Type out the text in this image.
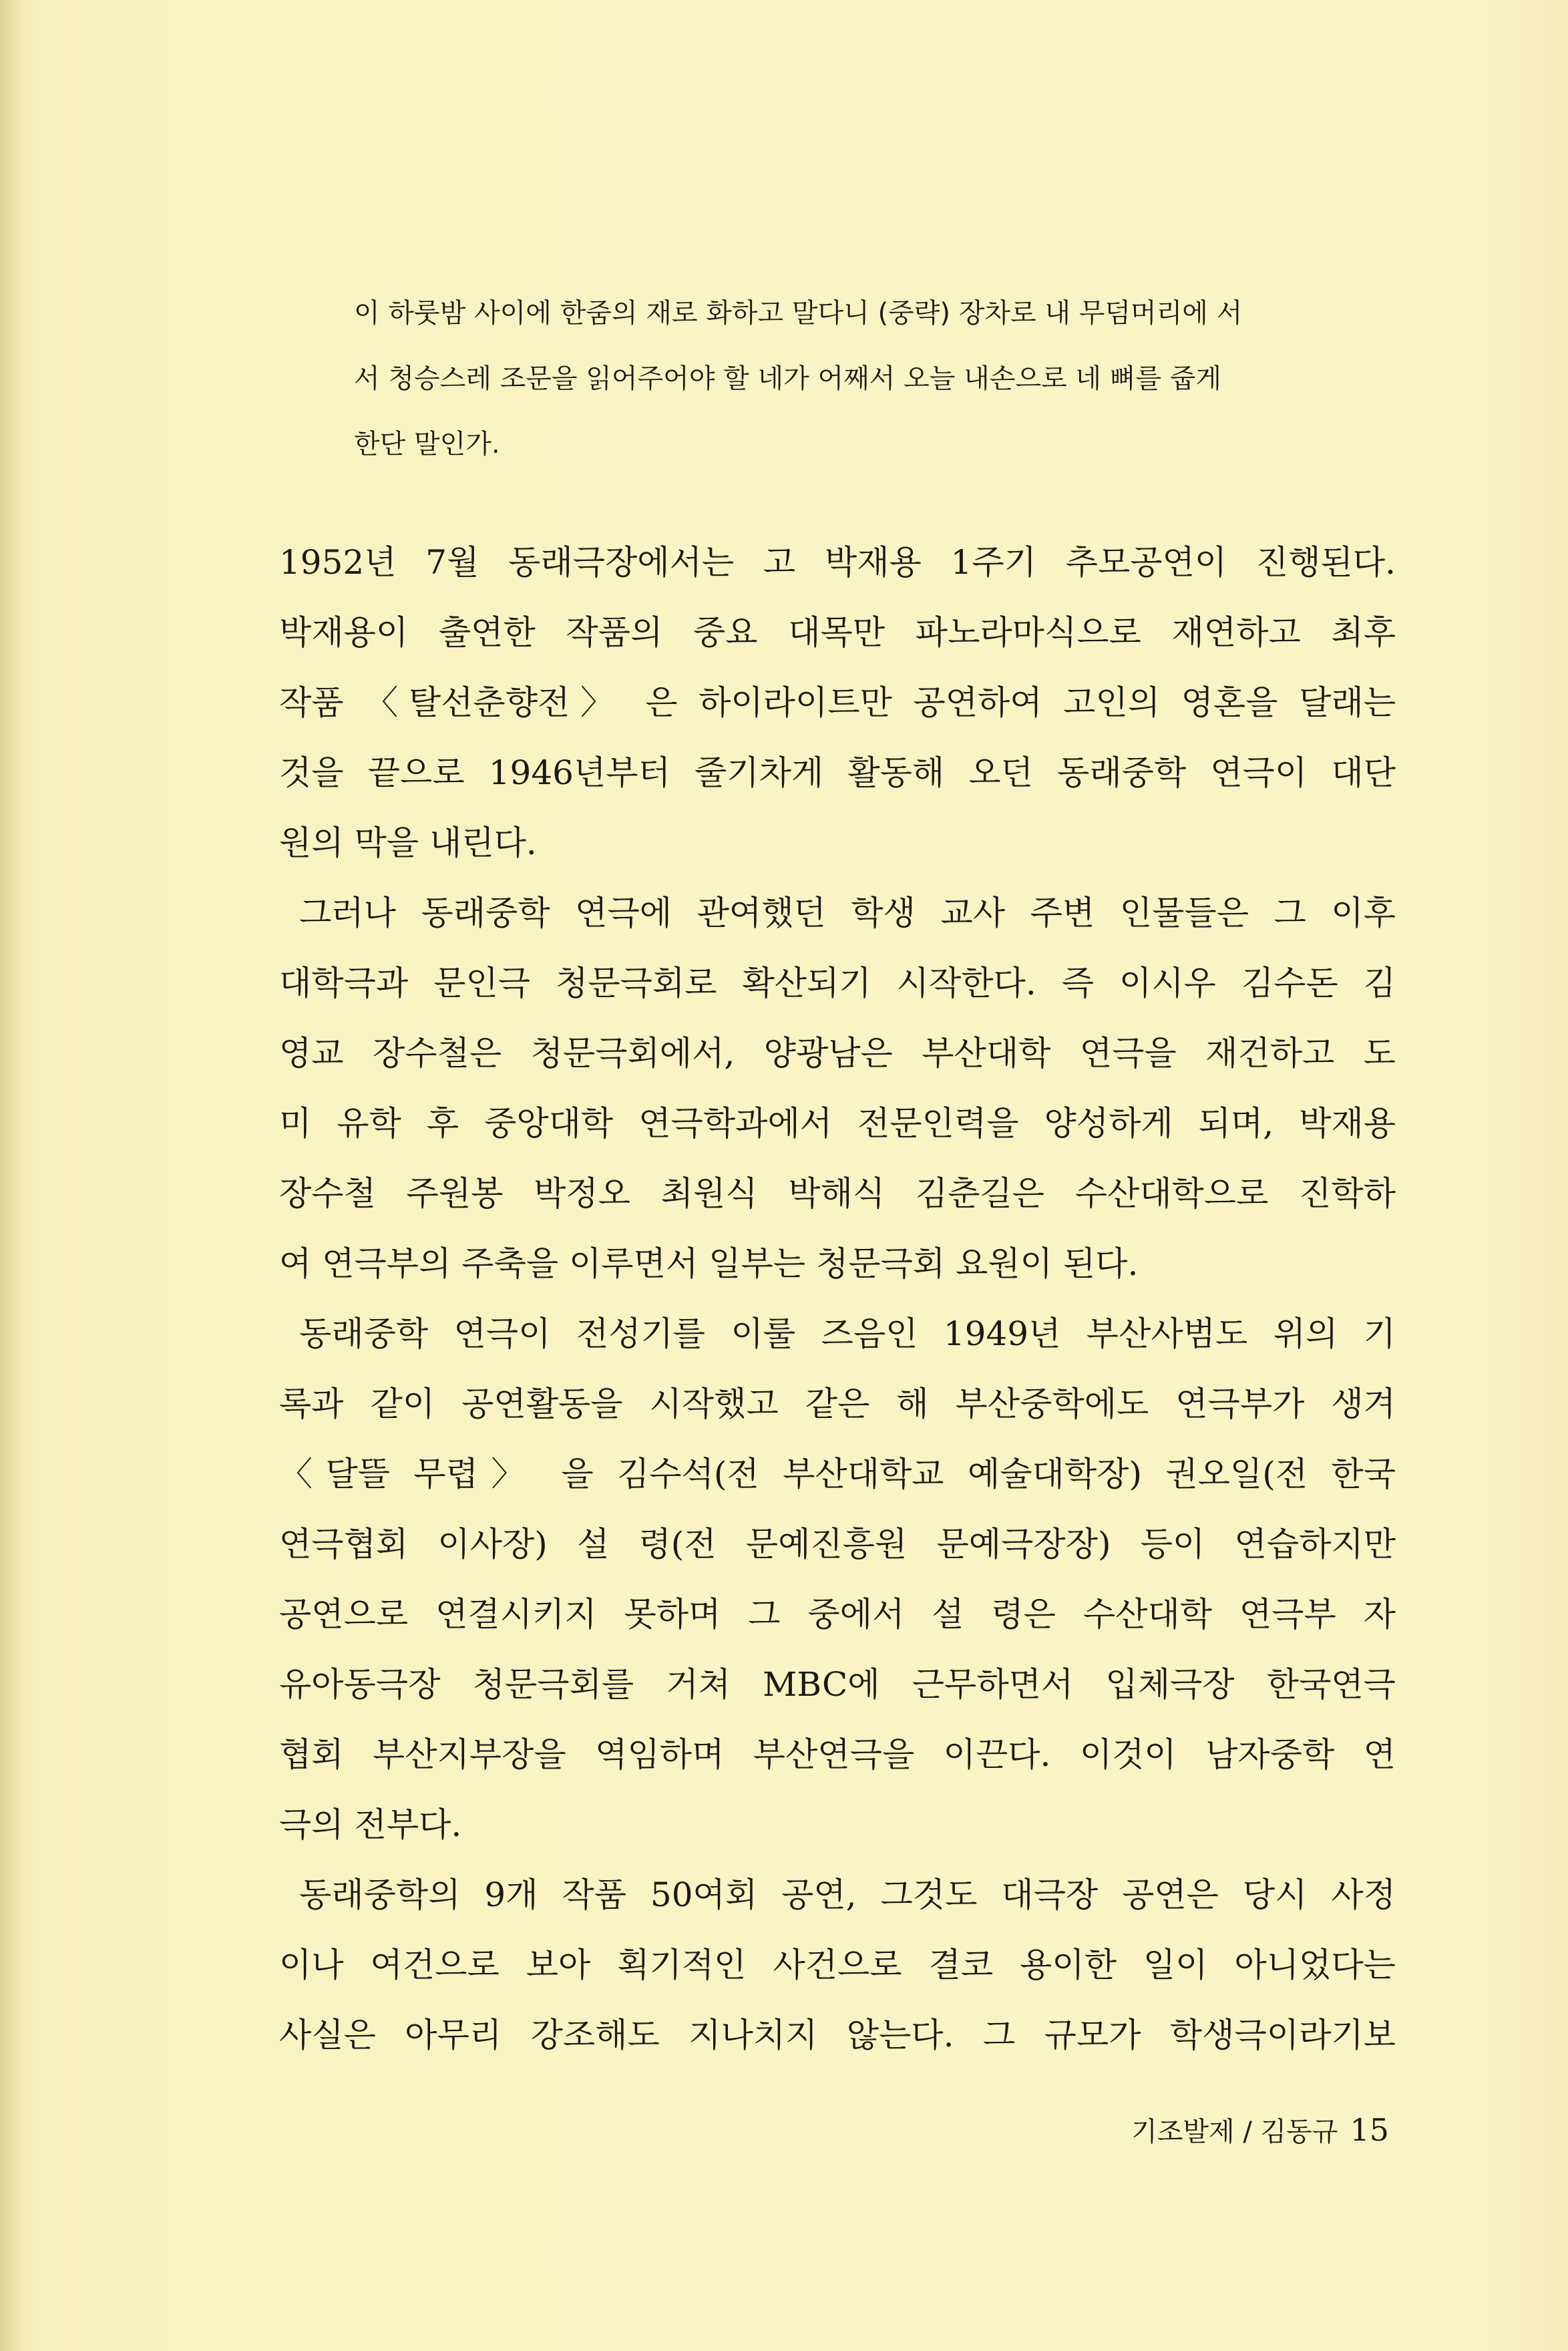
이 하룻밤 사이에 한줌의 재로 화하고 말다니 (중략) 장차로 내 무덤머리에 서
서 청승스레 조문을 읽어주어야 할 네가 어째서 오늘 내손으로 네 뼈를 줍게
한단 말인가.
1952년 7월 동래극장에서는 고 박재용 1주기 추모공연이 진행된다.
박재용이 출연한 작품의 중요 대목만 파노라마식으로 재연하고 최후
작품 〈탈선춘향전〉 은 하이라이트만 공연하여 고인의 영혼을 달래는
것을 끝으로 1946년부터 줄기차게 활동해 오던 동래중학 연극이 대단
원의 막을 내린다.
그러나 동래중학 연극에 관여했던 학생 교사 주변 인물들은 그 이후
대학극과 문인극 청문극회로 확산되기 시작한다. 즉 이시우 김수돈 김
영교 장수철은 청문극회에서, 양광남은 부산대학 연극을 재건하고 도
미 유학 후 중앙대학 연극학과에서 전문인력을 양성하게 되며, 박재용
장수철 주원봉 박정오 최원식 박해식 김춘길은 수산대학으로 진학하
여 연극부의 주축을 이루면서 일부는 청문극회 요원이 된다.
동래중학 연극이 전성기를 이룰 즈음인 1949년 부산사범도 위의 기
록과 같이 공연활동을 시작했고 같은 해 부산중학에도 연극부가 생겨
〈달뜰 무렵〉 을 김수석(전 부산대학교 예술대학장) 권오일(전 한국
연극협회 이사장) 설 령(전 문예진흥원 문예극장장) 등이 연습하지만
공연으로 연결시키지 못하며 그 중에서 설 령은 수산대학 연극부 자
유아동극장 청문극회를 거쳐 MBC에 근무하면서 입체극장 한국연극
협회 부산지부장을 역임하며 부산연극을 이끈다. 이것이 남자중학 연
극의 전부다.
동래중학의 9개 작품 50여회 공연, 그것도 대극장 공연은 당시 사정
이나 여건으로 보아 획기적인 사건으로 결코 용이한 일이 아니었다는
사실은 아무리 강조해도 지나치지 않는다. 그 규모가 학생극이라기보
기조발제 / 김동규 15
